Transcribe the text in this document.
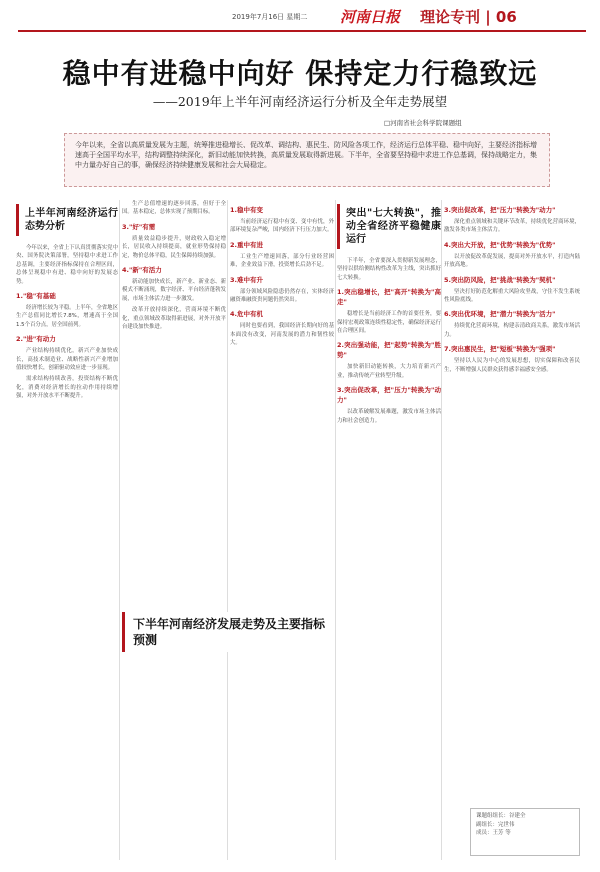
2019年7月16日 星期二 河南日报 理论专刊 | 06
稳中有进稳中向好 保持定力行稳致远
——2019年上半年河南经济运行分析及全年走势展望
□河南省社会科学院课题组
今年以来，全省以高质量发展为主题，统筹推进稳增长、促改革、调结构、惠民生、防风险各项工作，经济运行总体平稳、稳中向好，主要经济指标增速高于全国平均水平，结构调整持续深化，新旧动能加快转换，高质量发展取得新进展。下半年，全省要坚持稳中求进工作总基调，保持战略定力，集中力量办好自己的事，确保经济持续健康发展和社会大局稳定。
上半年河南经济运行态势分析

今年以来，全省上下认真贯彻落实党中央、国务院决策部署，坚持稳中求进工作总基调，主要经济指标保持在合理区间，总体呈现稳中有进、稳中向好的发展态势。

1."稳"有基础

经济增长较为平稳。上半年，全省地区生产总值同比增长7.8%，增速高于全国1.5个百分点，居全国前列。

2."进"有动力

产业结构持续优化，新兴产业加快成长，高技术制造业、战略性新兴产业增加值较快增长，创新驱动效应进一步显现。

需求结构持续改善，投资结构不断优化，消费对经济增长的拉动作用持续增强，对外开放水平不断提升。

生产总值增速的逐步回落，但好于全国。基本稳定，总体实现了预期目标。

3."好"有需

质量效益稳步提升，财政收入稳定增长，居民收入持续提高，就业形势保持稳定，物价总体平稳，民生保障持续加强。

4."新"有活力

新动能加快成长，新产业、新业态、新模式不断涌现，数字经济、平台经济蓬勃发展，市场主体活力进一步激发。

改革开放持续深化，营商环境不断优化，重点领域改革取得新进展，对外开放平台建设加快推进。

1.稳中有变

当前经济运行稳中有变、变中有忧，外部环境复杂严峻，国内经济下行压力加大。

2.重中有进

工业生产增速回落，部分行业经营困难，企业效益下滑，投资增长后劲不足。

3.难中有升

部分领域风险隐患仍然存在，实体经济融资难融资贵问题仍然突出。

4.危中有机

同时也要看到，我国经济长期向好的基本面没有改变，河南发展的潜力和韧性较大。

突出"七大转换"，推动全省经济平稳健康运行

下半年，全省要深入贯彻新发展理念，坚持以供给侧结构性改革为主线，突出抓好七大转换。

1.突出稳增长，把"高开"转换为"高走"

稳增长是当前经济工作的首要任务，要保持宏观政策连续性稳定性，确保经济运行在合理区间。

2.突出强动能，把"起势"转换为"胜势"

加快新旧动能转换，大力培育新兴产业，推动传统产业转型升级。

3.突出促改革，把"压力"转换为"动力"

以改革破解发展难题，激发市场主体活力和社会创造力。

3.突出促改革，把"压力"转换为"动力"

深化重点领域和关键环节改革，持续优化营商环境，激发各类市场主体活力。

4.突出大开放，把"优势"转换为"优势"

以开放促改革促发展，提高对外开放水平，打造内陆开放高地。

5.突出防风险，把"挑战"转换为"契机"

坚决打好防范化解重大风险攻坚战，守住不发生系统性风险底线。

6.突出优环境，把"潜力"转换为"活力"

持续优化营商环境，构建亲清政商关系，激发市场活力。

7.突出惠民生，把"短板"转换为"强项"

坚持以人民为中心的发展思想，切实保障和改善民生，不断增强人民群众获得感幸福感安全感。

下半年河南经济发展走势及主要指标预测
课题组组长：谷建全
副组长：完世伟
成员：王芳 等
